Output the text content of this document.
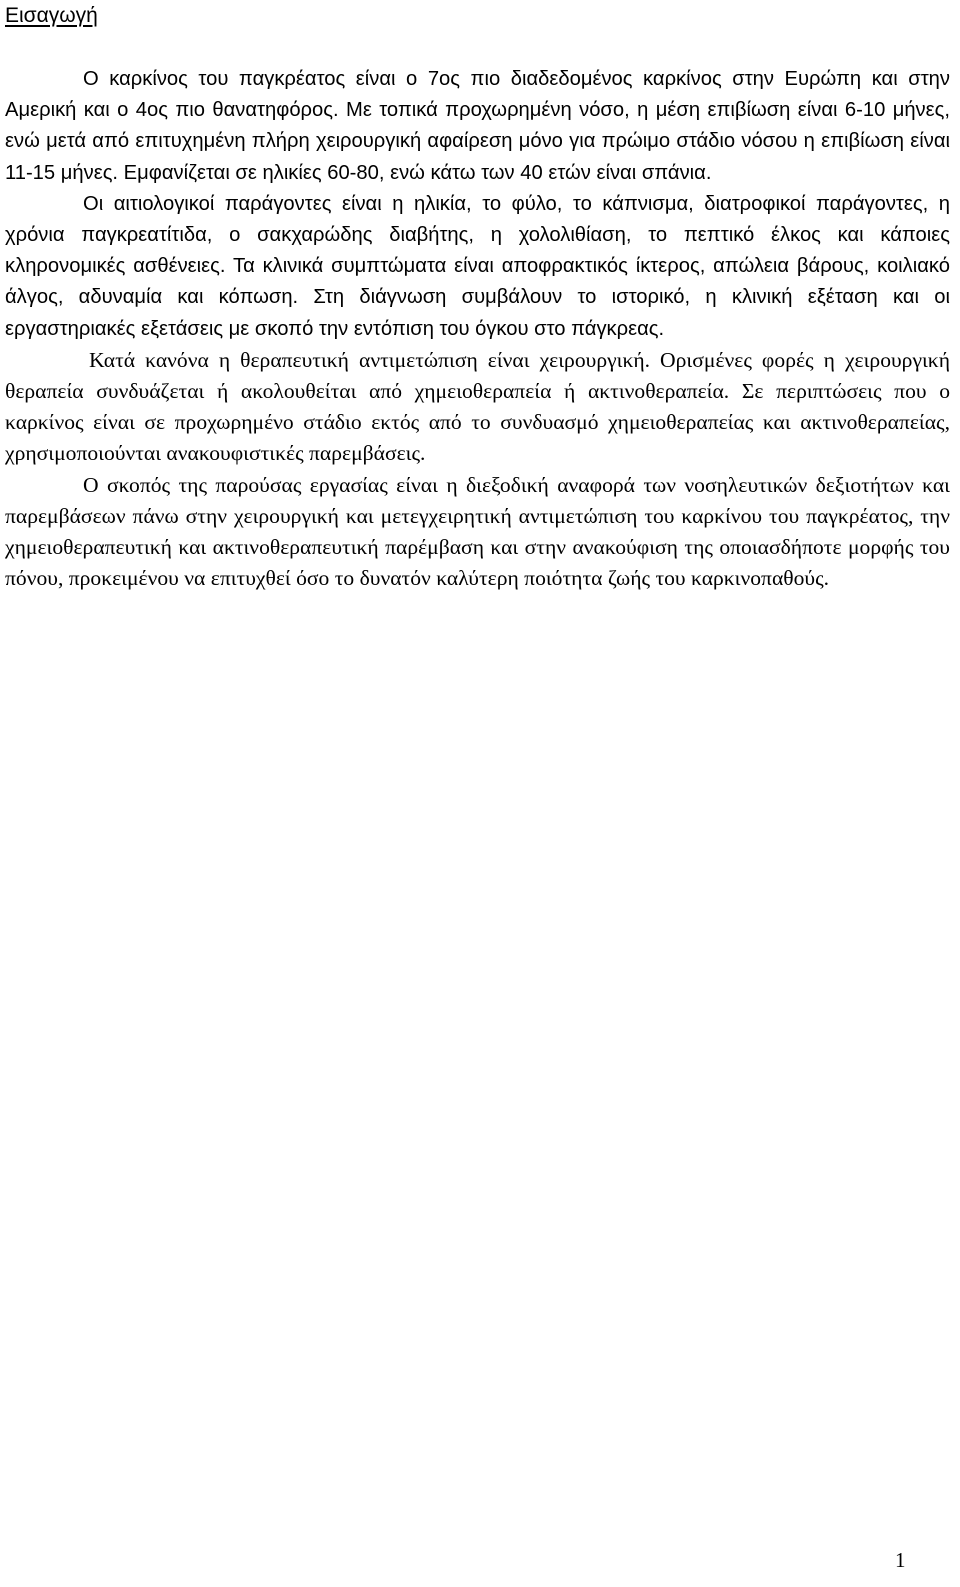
Εισαγωγή

Ο καρκίνος του παγκρέατος είναι ο 7ος πιο διαδεδομένος καρκίνος στην Ευρώπη και στην Αμερική και ο 4ος πιο θανατηφόρος. Με τοπικά προχωρημένη νόσο, η μέση επιβίωση είναι 6-10 μήνες, ενώ μετά από επιτυχημένη πλήρη χειρουργική αφαίρεση μόνο για πρώιμο στάδιο νόσου η επιβίωση είναι 11-15 μήνες. Εμφανίζεται σε ηλικίες 60-80, ενώ κάτω των 40 ετών είναι σπάνια.

Οι αιτιολογικοί παράγοντες είναι η ηλικία, το φύλο, το κάπνισμα, διατροφικοί παράγοντες, η χρόνια παγκρεατίτιδα, ο σακχαρώδης διαβήτης, η χολολιθίαση, το πεπτικό έλκος και κάποιες κληρονομικές ασθένειες. Τα κλινικά συμπτώματα είναι αποφρακτικός ίκτερος, απώλεια βάρους, κοιλιακό άλγος, αδυναμία και κόπωση. Στη διάγνωση συμβάλουν το ιστορικό, η κλινική εξέταση και οι εργαστηριακές εξετάσεις με σκοπό την εντόπιση του όγκου στο πάγκρεας.

Κατά κανόνα η θεραπευτική αντιμετώπιση είναι χειρουργική. Ορισμένες φορές η χειρουργική θεραπεία συνδυάζεται ή ακολουθείται από χημειοθεραπεία ή ακτινοθεραπεία. Σε περιπτώσεις που ο καρκίνος είναι σε προχωρημένο στάδιο εκτός από το συνδυασμό χημειοθεραπείας και ακτινοθεραπείας, χρησιμοποιούνται ανακουφιστικές παρεμβάσεις.

Ο σκοπός της παρούσας εργασίας είναι η διεξοδική αναφορά των νοσηλευτικών δεξιοτήτων και παρεμβάσεων πάνω στην χειρουργική και μετεγχειρητική αντιμετώπιση του καρκίνου του παγκρέατος, την χημειοθεραπευτική και ακτινοθεραπευτική παρέμβαση και στην ανακούφιση της οποιασδήποτε μορφής του πόνου, προκειμένου να επιτυχθεί όσο το δυνατόν καλύτερη ποιότητα ζωής του καρκινοπαθούς.

1
